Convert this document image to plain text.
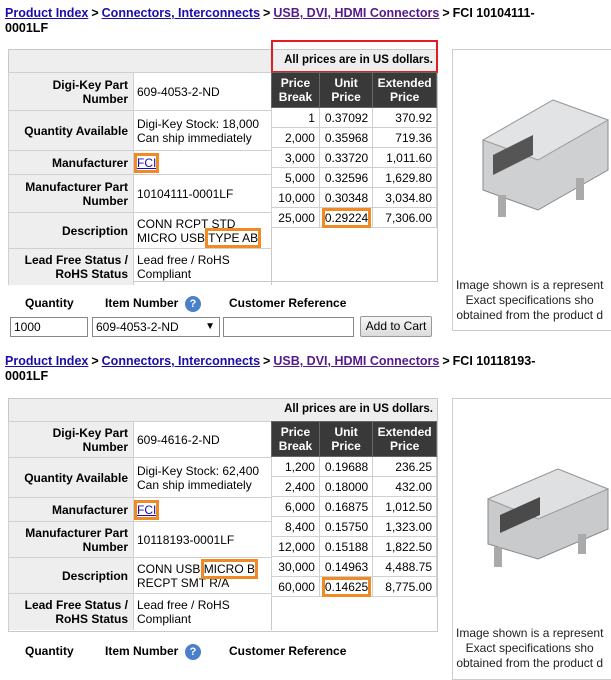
Product Index > Connectors, Interconnects > USB, DVI, HDMI Connectors > FCI 10104111-0001LF
All prices are in US dollars.
Digi-Key Part Number	609-4053-2-ND
Quantity Available	Digi-Key Stock: 18,000 Can ship immediately
Manufacturer	FCI
Manufacturer Part Number	10104111-0001LF
Description	CONN RCPT STD MICRO USB TYPE AB
Lead Free Status / RoHS Status	Lead free / RoHS Compliant
Price Break	Unit Price	Extended Price
1	0.37092	370.92
2,000	0.35968	719.36
3,000	0.33720	1,011.60
5,000	0.32596	1,629.80
10,000	0.30348	3,034.80
25,000	0.29224	7,306.00
Image shown is a represent
Exact specifications sho
obtained from the product d
Quantity	Item Number	?	Customer Reference
1000	609-4053-2-ND	▼	Add to Cart
Product Index > Connectors, Interconnects > USB, DVI, HDMI Connectors > FCI 10118193-0001LF
All prices are in US dollars.
Digi-Key Part Number	609-4616-2-ND
Quantity Available	Digi-Key Stock: 62,400 Can ship immediately
Manufacturer	FCI
Manufacturer Part Number	10118193-0001LF
Description	CONN USB MICRO B RECPT SMT R/A
Lead Free Status / RoHS Status	Lead free / RoHS Compliant
Price Break	Unit Price	Extended Price
1,200	0.19688	236.25
2,400	0.18000	432.00
6,000	0.16875	1,012.50
8,400	0.15750	1,323.00
12,000	0.15188	1,822.50
30,000	0.14963	4,488.75
60,000	0.14625	8,775.00
Image shown is a represent
Exact specifications sho
obtained from the product d
Quantity	Item Number	?	Customer Reference
